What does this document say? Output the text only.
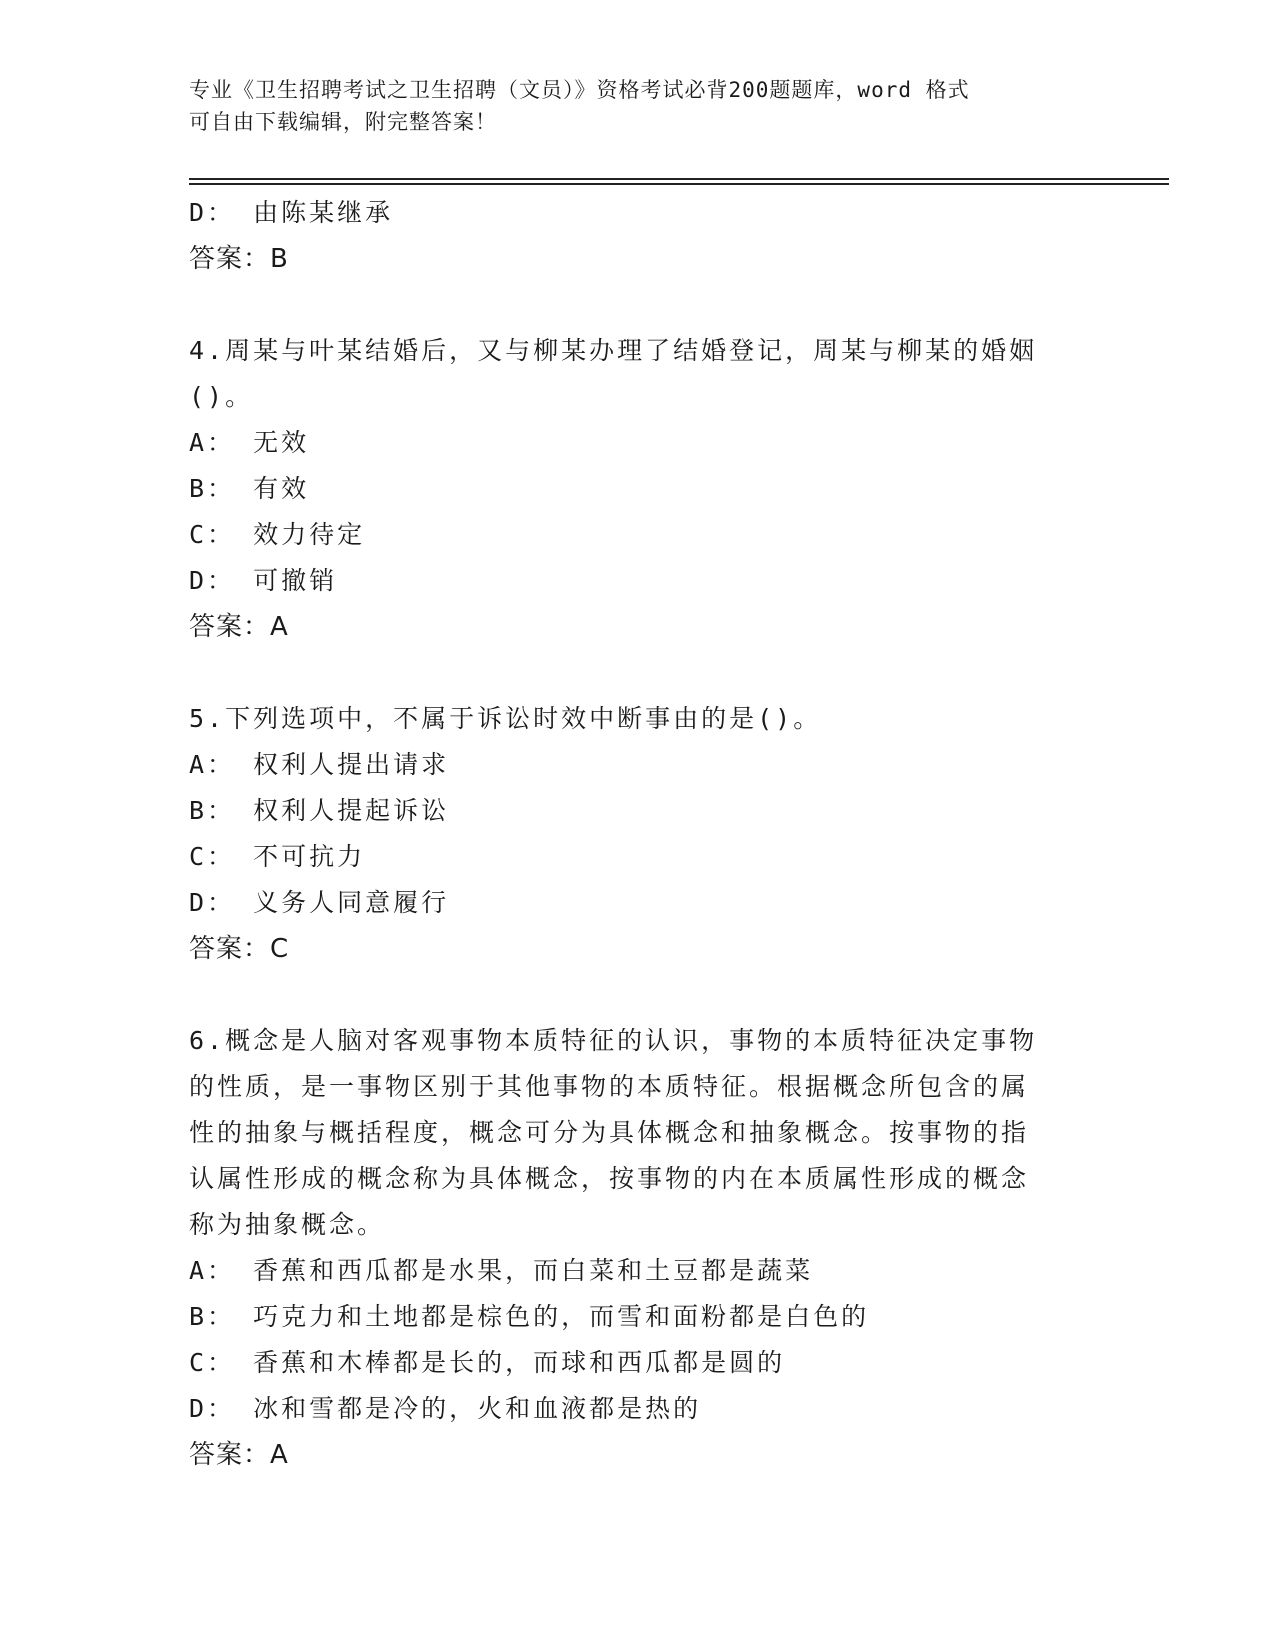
专业《卫生招聘考试之卫生招聘（文员）》资格考试必背200题题库，word 格式
可自由下载编辑，附完整答案！

D： 由陈某继承

答案：B

4.周某与叶某结婚后，又与柳某办理了结婚登记，周某与柳某的婚姻

()。

A： 无效

B： 有效

C： 效力待定

D： 可撤销

答案：A

5.下列选项中，不属于诉讼时效中断事由的是()。

A： 权利人提出请求

B： 权利人提起诉讼

C： 不可抗力

D： 义务人同意履行

答案：C

6.概念是人脑对客观事物本质特征的认识，事物的本质特征决定事物

的性质，是一事物区别于其他事物的本质特征。根据概念所包含的属

性的抽象与概括程度，概念可分为具体概念和抽象概念。按事物的指

认属性形成的概念称为具体概念，按事物的内在本质属性形成的概念

称为抽象概念。

A： 香蕉和西瓜都是水果，而白菜和土豆都是蔬菜

B： 巧克力和土地都是棕色的，而雪和面粉都是白色的

C： 香蕉和木棒都是长的，而球和西瓜都是圆的

D： 冰和雪都是冷的，火和血液都是热的

答案：A
